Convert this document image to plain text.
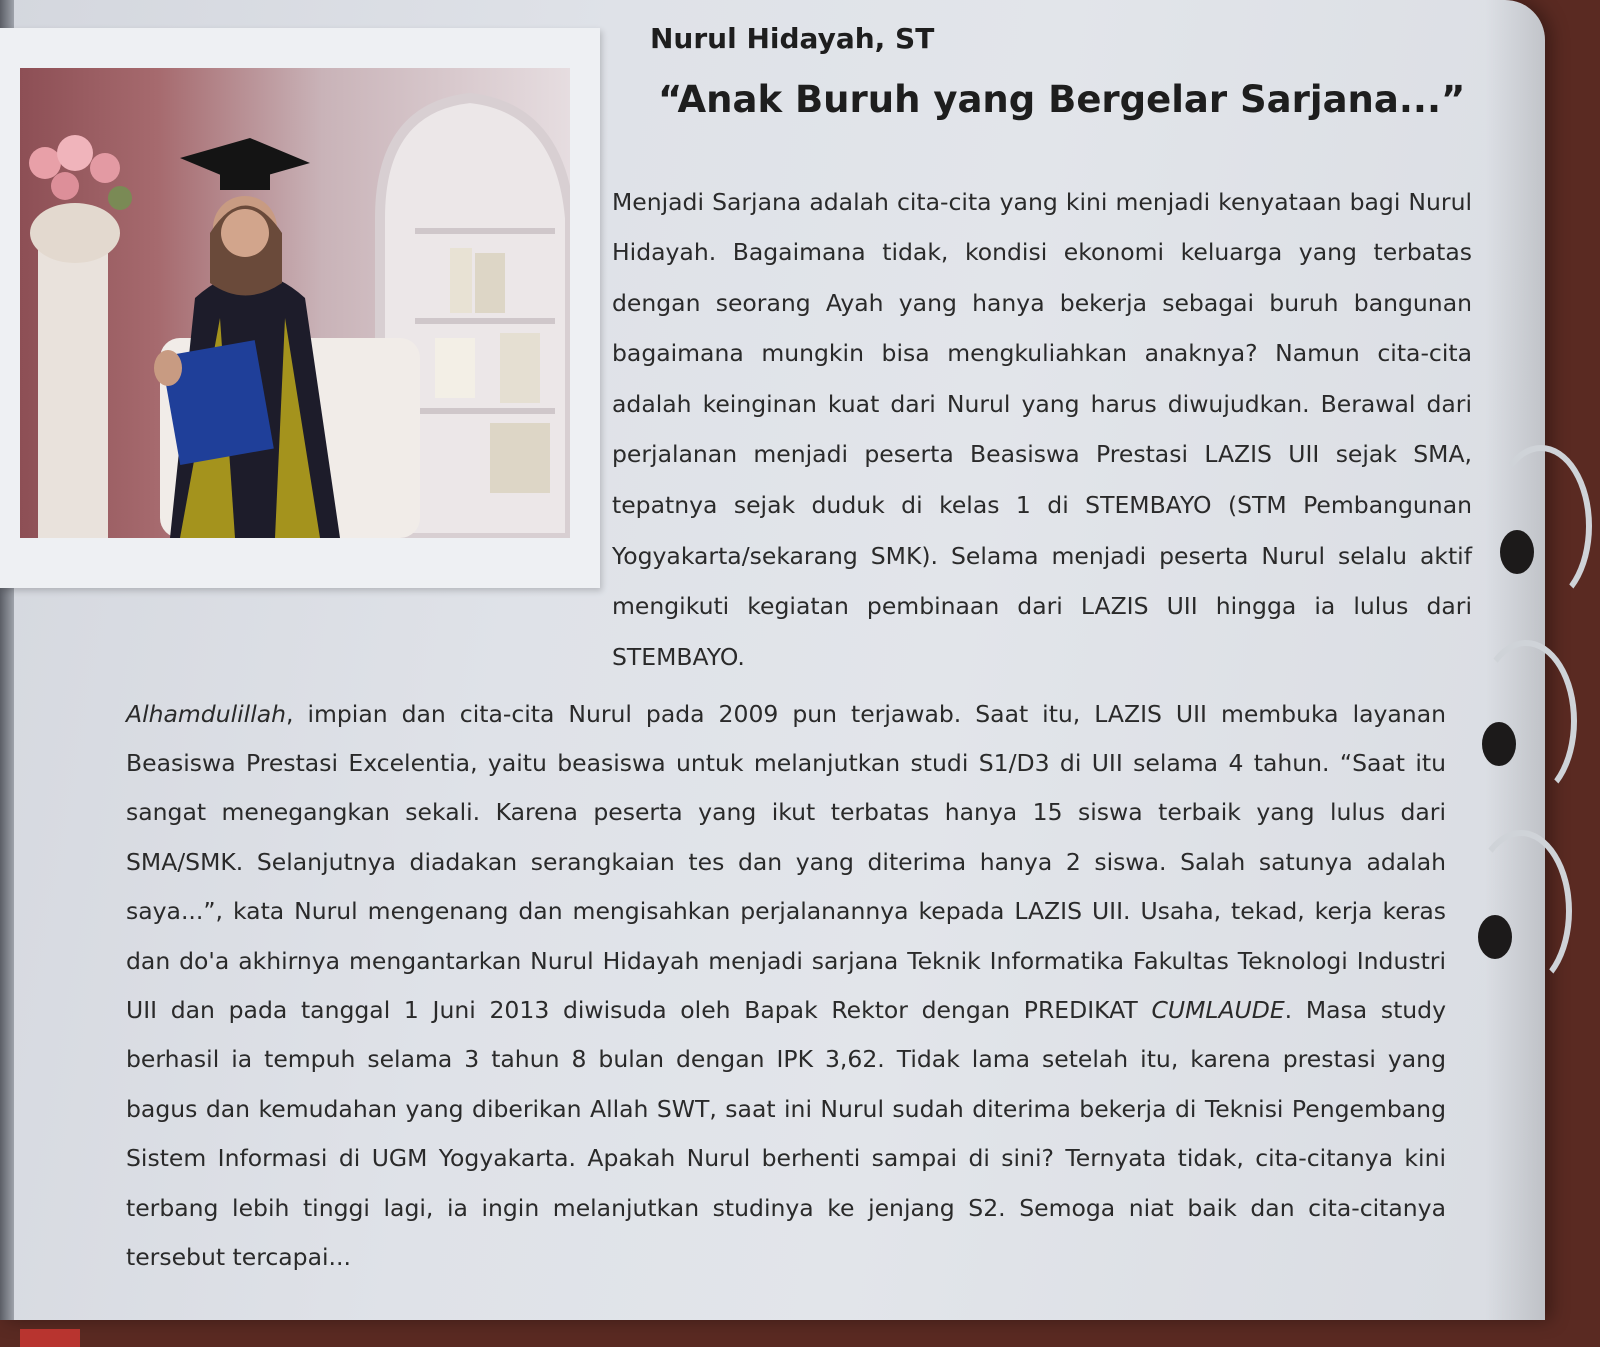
Nurul Hidayah, ST
“Anak Buruh yang Bergelar Sarjana...”

Menjadi Sarjana adalah cita-cita yang kini menjadi kenyataan bagi Nurul Hidayah. Bagaimana tidak, kondisi ekonomi keluarga yang terbatas dengan seorang Ayah yang hanya bekerja sebagai buruh bangunan bagaimana mungkin bisa mengkuliahkan anaknya? Namun cita-cita adalah keinginan kuat dari Nurul yang harus diwujudkan. Berawal dari perjalanan menjadi peserta Beasiswa Prestasi LAZIS UII sejak SMA, tepatnya sejak duduk di kelas 1 di STEMBAYO (STM Pembangunan Yogyakarta/sekarang SMK). Selama menjadi peserta Nurul selalu aktif mengikuti kegiatan pembinaan dari LAZIS UII hingga ia lulus dari STEMBAYO.

Alhamdulillah, impian dan cita-cita Nurul pada 2009 pun terjawab. Saat itu, LAZIS UII membuka layanan Beasiswa Prestasi Excelentia, yaitu beasiswa untuk melanjutkan studi S1/D3 di UII selama 4 tahun. “Saat itu sangat menegangkan sekali. Karena peserta yang ikut terbatas hanya 15 siswa terbaik yang lulus dari SMA/SMK. Selanjutnya diadakan serangkaian tes dan yang diterima hanya 2 siswa. Salah satunya adalah saya...”, kata Nurul mengenang dan mengisahkan perjalanannya kepada LAZIS UII. Usaha, tekad, kerja keras dan do'a akhirnya mengantarkan Nurul Hidayah menjadi sarjana Teknik Informatika Fakultas Teknologi Industri UII dan pada tanggal 1 Juni 2013 diwisuda oleh Bapak Rektor dengan PREDIKAT CUMLAUDE. Masa study berhasil ia tempuh selama 3 tahun 8 bulan dengan IPK 3,62. Tidak lama setelah itu, karena prestasi yang bagus dan kemudahan yang diberikan Allah SWT, saat ini Nurul sudah diterima bekerja di Teknisi Pengembang Sistem Informasi di UGM Yogyakarta. Apakah Nurul berhenti sampai di sini? Ternyata tidak, cita-citanya kini terbang lebih tinggi lagi, ia ingin melanjutkan studinya ke jenjang S2. Semoga niat baik dan cita-citanya tersebut tercapai...
